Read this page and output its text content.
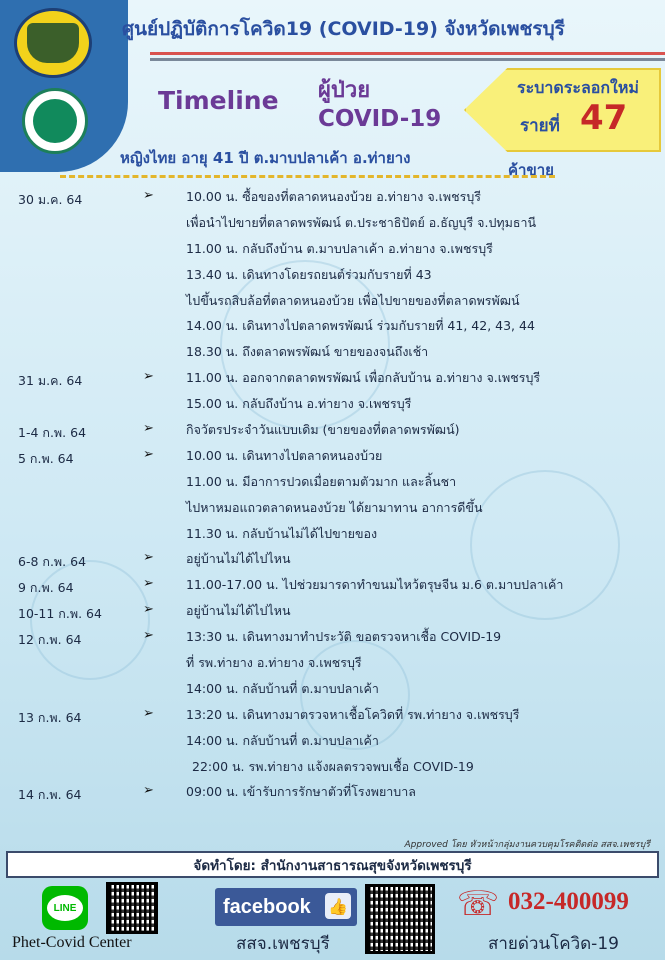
ศูนย์ปฏิบัติการโควิด19 (COVID-19) จังหวัดเพชรบุรี
Timeline ผู้ป่วย
COVID-19
ระบาดระลอกใหม่
รายที่ 47
หญิงไทย อายุ 41 ปี ต.มาบปลาเค้า อ.ท่ายาง
ค้าขาย
30 ม.ค. 64	➢	10.00 น. ซื้อของที่ตลาดหนองบ้วย อ.ท่ายาง จ.เพชรบุรี
เพื่อนำไปขายที่ตลาดพรพัฒน์ ต.ประชาธิปัตย์ อ.ธัญบุรี จ.ปทุมธานี
11.00 น. กลับถึงบ้าน ต.มาบปลาเค้า อ.ท่ายาง จ.เพชรบุรี
13.40 น. เดินทางโดยรถยนต์ร่วมกับรายที่ 43
ไปขึ้นรถสิบล้อที่ตลาดหนองบ้วย เพื่อไปขายของที่ตลาดพรพัฒน์
14.00 น. เดินทางไปตลาดพรพัฒน์ ร่วมกับรายที่ 41, 42, 43, 44
18.30 น. ถึงตลาดพรพัฒน์ ขายของจนถึงเช้า
31 ม.ค. 64	➢	11.00 น. ออกจากตลาดพรพัฒน์ เพื่อกลับบ้าน อ.ท่ายาง จ.เพชรบุรี
15.00 น. กลับถึงบ้าน อ.ท่ายาง จ.เพชรบุรี
1-4 ก.พ. 64	➢	กิจวัตรประจำวันแบบเดิม (ขายของที่ตลาดพรพัฒน์)
5 ก.พ. 64	➢	10.00 น. เดินทางไปตลาดหนองบ้วย
11.00 น. มีอาการปวดเมื่อยตามตัวมาก และลิ้นชา
ไปหาหมอแถวตลาดหนองบ้วย ได้ยามาทาน อาการดีขึ้น
11.30 น. กลับบ้านไม่ได้ไปขายของ
6-8 ก.พ. 64	➢	อยู่บ้านไม่ได้ไปไหน
9 ก.พ. 64	➢	11.00-17.00 น. ไปช่วยมารดาทำขนมไหว้ตรุษจีน ม.6 ต.มาบปลาเค้า
10-11 ก.พ. 64	➢	อยู่บ้านไม่ได้ไปไหน
12 ก.พ. 64	➢	13:30 น. เดินทางมาทำประวัติ ขอตรวจหาเชื้อ COVID-19
ที่ รพ.ท่ายาง อ.ท่ายาง จ.เพชรบุรี
14:00 น. กลับบ้านที่ ต.มาบปลาเค้า
13 ก.พ. 64	➢	13:20 น. เดินทางมาตรวจหาเชื้อโควิดที่ รพ.ท่ายาง จ.เพชรบุรี
14:00 น. กลับบ้านที่ ต.มาบปลาเค้า
22:00 น. รพ.ท่ายาง แจ้งผลตรวจพบเชื้อ COVID-19
14 ก.พ. 64	➢	09:00 น. เข้ารับการรักษาตัวที่โรงพยาบาล
Approved โดย หัวหน้ากลุ่มงานควบคุมโรคติดต่อ สสจ.เพชรบุรี
จัดทำโดย: สำนักงานสาธารณสุขจังหวัดเพชรบุรี
LINE
Phet-Covid Center
facebook 👍
สสจ.เพชรบุรี
☏ 032-400099
สายด่วนโควิด-19
